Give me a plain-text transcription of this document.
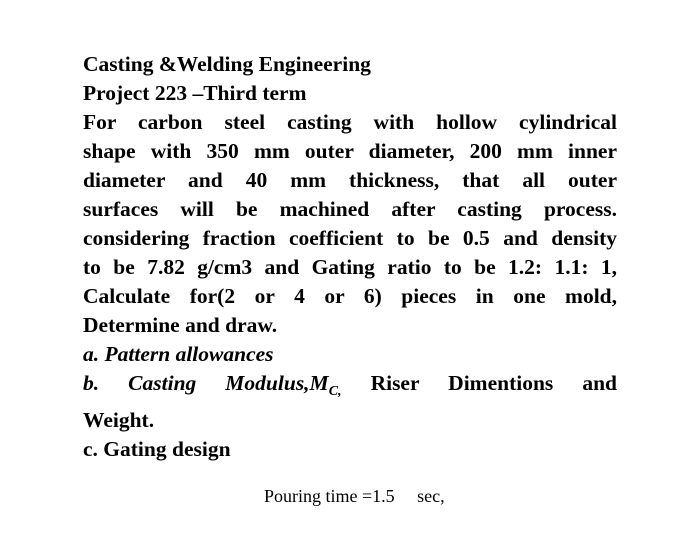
Casting &Welding Engineering
Project 223 –Third term
For carbon steel casting with hollow cylindrical
shape with 350 mm outer diameter, 200 mm inner
diameter and 40 mm thickness, that all outer
surfaces will be machined after casting process.
considering fraction coefficient to be 0.5 and density
to be 7.82 g/cm3 and Gating ratio to be 1.2: 1.1: 1,
Calculate for(2 or 4 or 6) pieces in one mold,
Determine and draw.
a. Pattern allowances
b. Casting $Modulus,M_{C,}$ Riser Dimentions and
Weight.
c. Gating design
Pouring time =1.5     sec,
